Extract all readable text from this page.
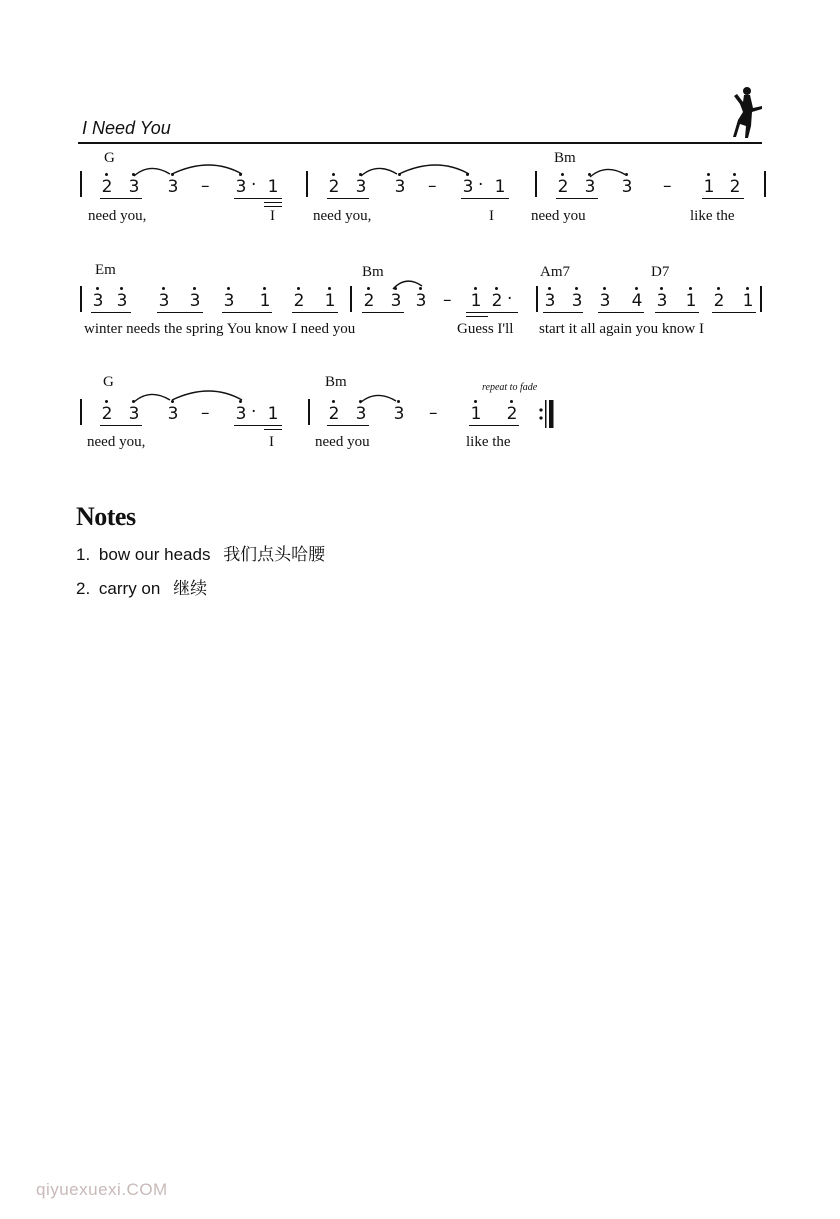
I Need You
G	Bm
2 3 3 – 3 · 1	2 3 3 – 3 · 1	2 3 3 – 1 2
need you,	I	need you,	I need you	like the
Em	Bm	Am7	D7
3 3 3 3 3 1 2 1 2 3 3 – 1 2 · 3 3 3 4 3 1 2 1
winter needs the spring You know I need you	Guess I'll start it all again you know I
G	Bm	repeat to fade
2 3 3 – 3 · 1	2 3 3 – 1 2
need you,	I	need you	like the
Notes
1. bow our heads 我们点头哈腰
2. carry on 继续
qiyuexuexi.COM
